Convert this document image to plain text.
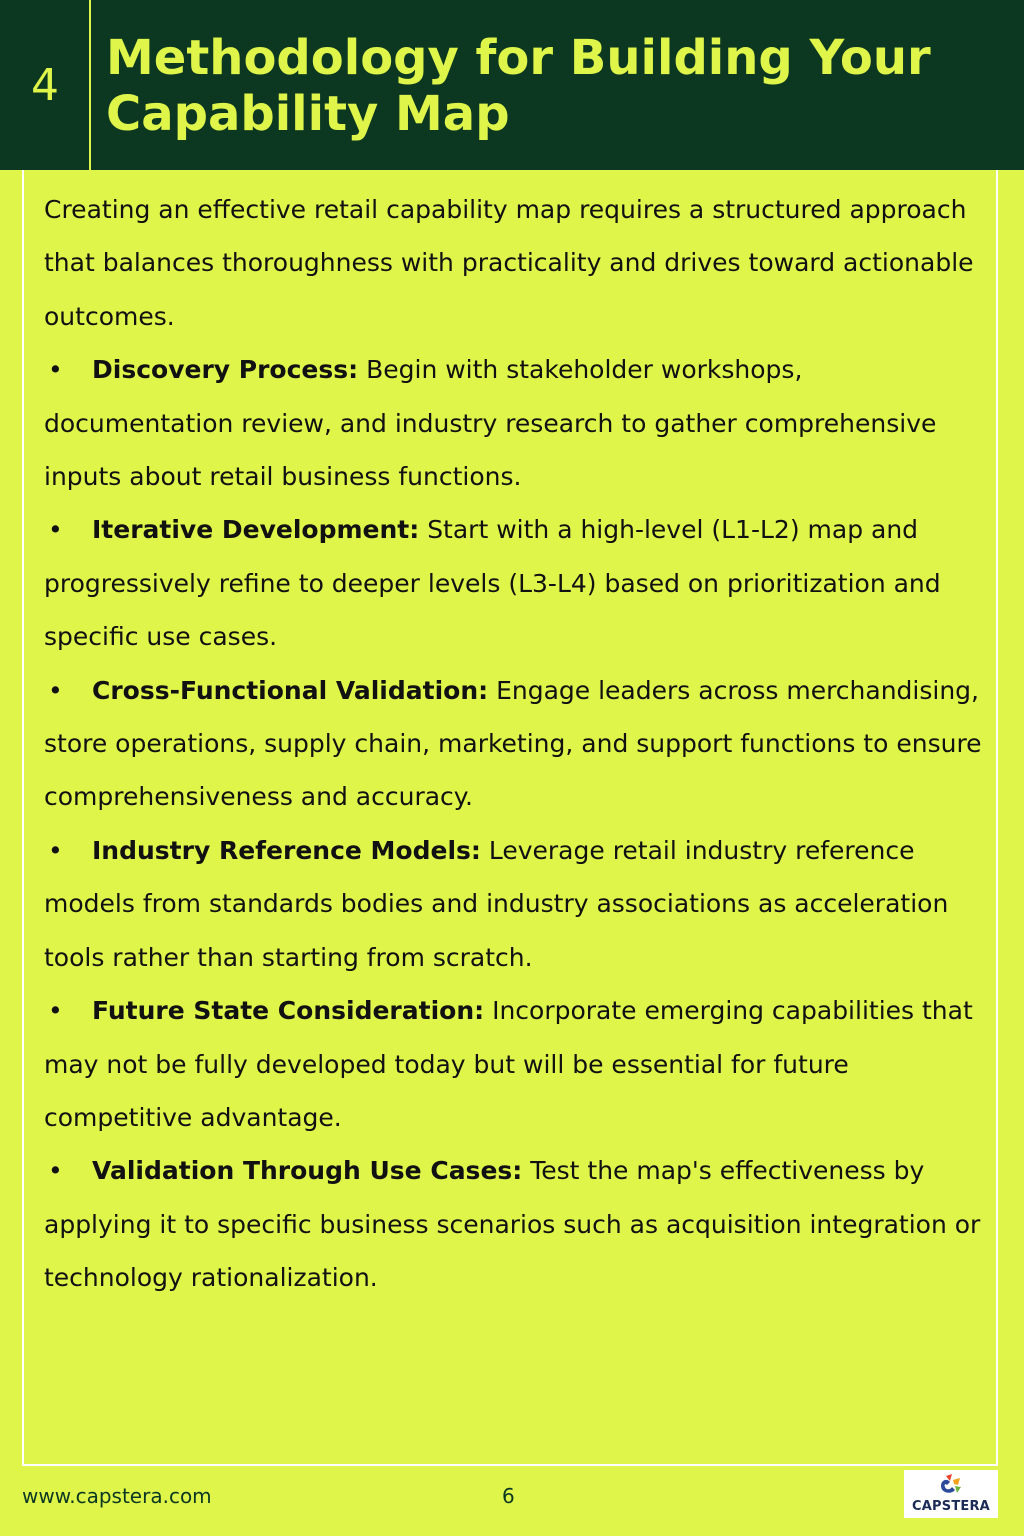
4 Methodology for Building Your Capability Map

Creating an effective retail capability map requires a structured approach that balances thoroughness with practicality and drives toward actionable outcomes.

• Discovery Process: Begin with stakeholder workshops, documentation review, and industry research to gather comprehensive inputs about retail business functions.
• Iterative Development: Start with a high-level (L1-L2) map and progressively refine to deeper levels (L3-L4) based on prioritization and specific use cases.
• Cross-Functional Validation: Engage leaders across merchandising, store operations, supply chain, marketing, and support functions to ensure comprehensiveness and accuracy.
• Industry Reference Models: Leverage retail industry reference models from standards bodies and industry associations as acceleration tools rather than starting from scratch.
• Future State Consideration: Incorporate emerging capabilities that may not be fully developed today but will be essential for future competitive advantage.
• Validation Through Use Cases: Test the map's effectiveness by applying it to specific business scenarios such as acquisition integration or technology rationalization.
www.capstera.com	6	CAPSTERA
